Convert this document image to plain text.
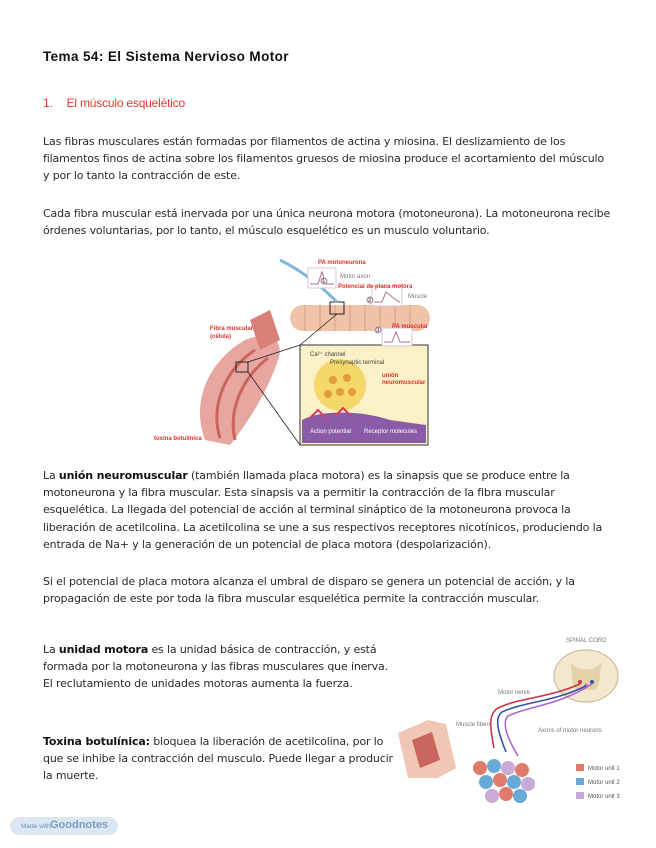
Tema 54: El Sistema Nervioso Motor
1. El músculo esquelético
Las fibras musculares están formadas por filamentos de actina y miosina. El deslizamiento de los filamentos finos de actina sobre los filamentos gruesos de miosina produce el acortamiento del músculo y por lo tanto la contracción de este.
Cada fibra muscular está inervada por una única neurona motora (motoneurona). La motoneurona recibe órdenes voluntarias, por lo tanto, el músculo esquelético es un musculo voluntario.
PA motoneurona
Motor axon
Potencial de placa motora
Muscle
Fibra muscular
(célula)
PA muscular
Ca²⁺ channel
Presynaptic terminal
unión
neuromuscular
Action potential Receptor molecules
toxina botulínica
1
2
3
La unión neuromuscular (también llamada placa motora) es la sinapsis que se produce entre la motoneurona y la fibra muscular. Esta sinapsis va a permitir la contracción de la fibra muscular esquelética. La llegada del potencial de acción al terminal sináptico de la motoneurona provoca la liberación de acetilcolina. La acetilcolina se une a sus respectivos receptores nicotínicos, produciendo la entrada de Na+ y la generación de un potencial de placa motora (despolarización).
Si el potencial de placa motora alcanza el umbral de disparo se genera un potencial de acción, y la propagación de este por toda la fibra muscular esquelética permite la contracción muscular.
La unidad motora es la unidad básica de contracción, y está formada por la motoneurona y las fibras musculares que inerva. El reclutamiento de unidades motoras aumenta la fuerza.
Toxina botulínica: bloquea la liberación de acetilcolina, por lo que se inhibe la contracción del musculo. Puede llegar a producir la muerte.
Motor unit 1
Motor unit 2
Motor unit 3
SPINAL CORD
Motor nerve
Muscle fibers
Axons of motor neurons
Made with Goodnotes
